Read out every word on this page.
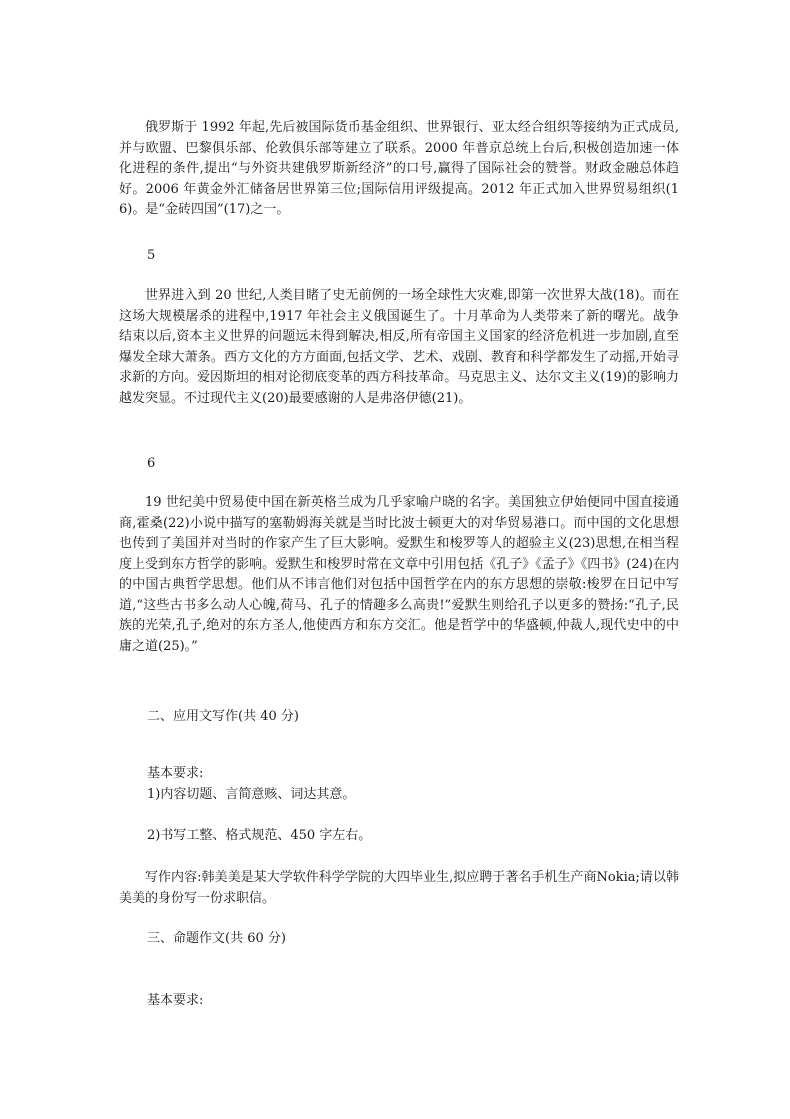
俄罗斯于 1992 年起,先后被国际货币基金组织、世界银行、亚太经合组织等接纳为正式成员,并与欧盟、巴黎俱乐部、伦敦俱乐部等建立了联系。2000 年普京总统上台后,积极创造加速一体化进程的条件,提出“与外资共建俄罗斯新经济”的口号,赢得了国际社会的赞誉。财政金融总体趋好。2006 年黄金外汇储备居世界第三位;国际信用评级提高。2012 年正式加入世界贸易组织(16)。是“金砖四国”(17)之一。

5

世界进入到 20 世纪,人类目睹了史无前例的一场全球性大灾难,即第一次世界大战(18)。而在这场大规模屠杀的进程中,1917 年社会主义俄国诞生了。十月革命为人类带来了新的曙光。战争结束以后,资本主义世界的问题远未得到解决,相反,所有帝国主义国家的经济危机进一步加剧,直至爆发全球大萧条。西方文化的方方面面,包括文学、艺术、戏剧、教育和科学都发生了动摇,开始寻求新的方向。爱因斯坦的相对论彻底变革的西方科技革命。马克思主义、达尔文主义(19)的影响力越发突显。不过现代主义(20)最要感谢的人是弗洛伊德(21)。

6

19 世纪美中贸易使中国在新英格兰成为几乎家喻户晓的名字。美国独立伊始便同中国直接通商,霍桑(22)小说中描写的塞勒姆海关就是当时比波士顿更大的对华贸易港口。而中国的文化思想也传到了美国并对当时的作家产生了巨大影响。爱默生和梭罗等人的超验主义(23)思想,在相当程度上受到东方哲学的影响。爱默生和梭罗时常在文章中引用包括《孔子》《孟子》《四书》(24)在内的中国古典哲学思想。他们从不讳言他们对包括中国哲学在内的东方思想的崇敬:梭罗在日记中写道,“这些古书多么动人心魄,荷马、孔子的情趣多么高贵!”爱默生则给孔子以更多的赞扬:“孔子,民族的光荣,孔子,绝对的东方圣人,他使西方和东方交汇。他是哲学中的华盛顿,仲裁人,现代史中的中庸之道(25)。”

二、应用文写作(共 40 分)

基本要求:

1)内容切题、言简意赅、词达其意。

2)书写工整、格式规范、450 字左右。

写作内容:韩美美是某大学软件科学学院的大四毕业生,拟应聘于著名手机生产商Nokia;请以韩美美的身份写一份求职信。

三、命题作文(共 60 分)

基本要求:
